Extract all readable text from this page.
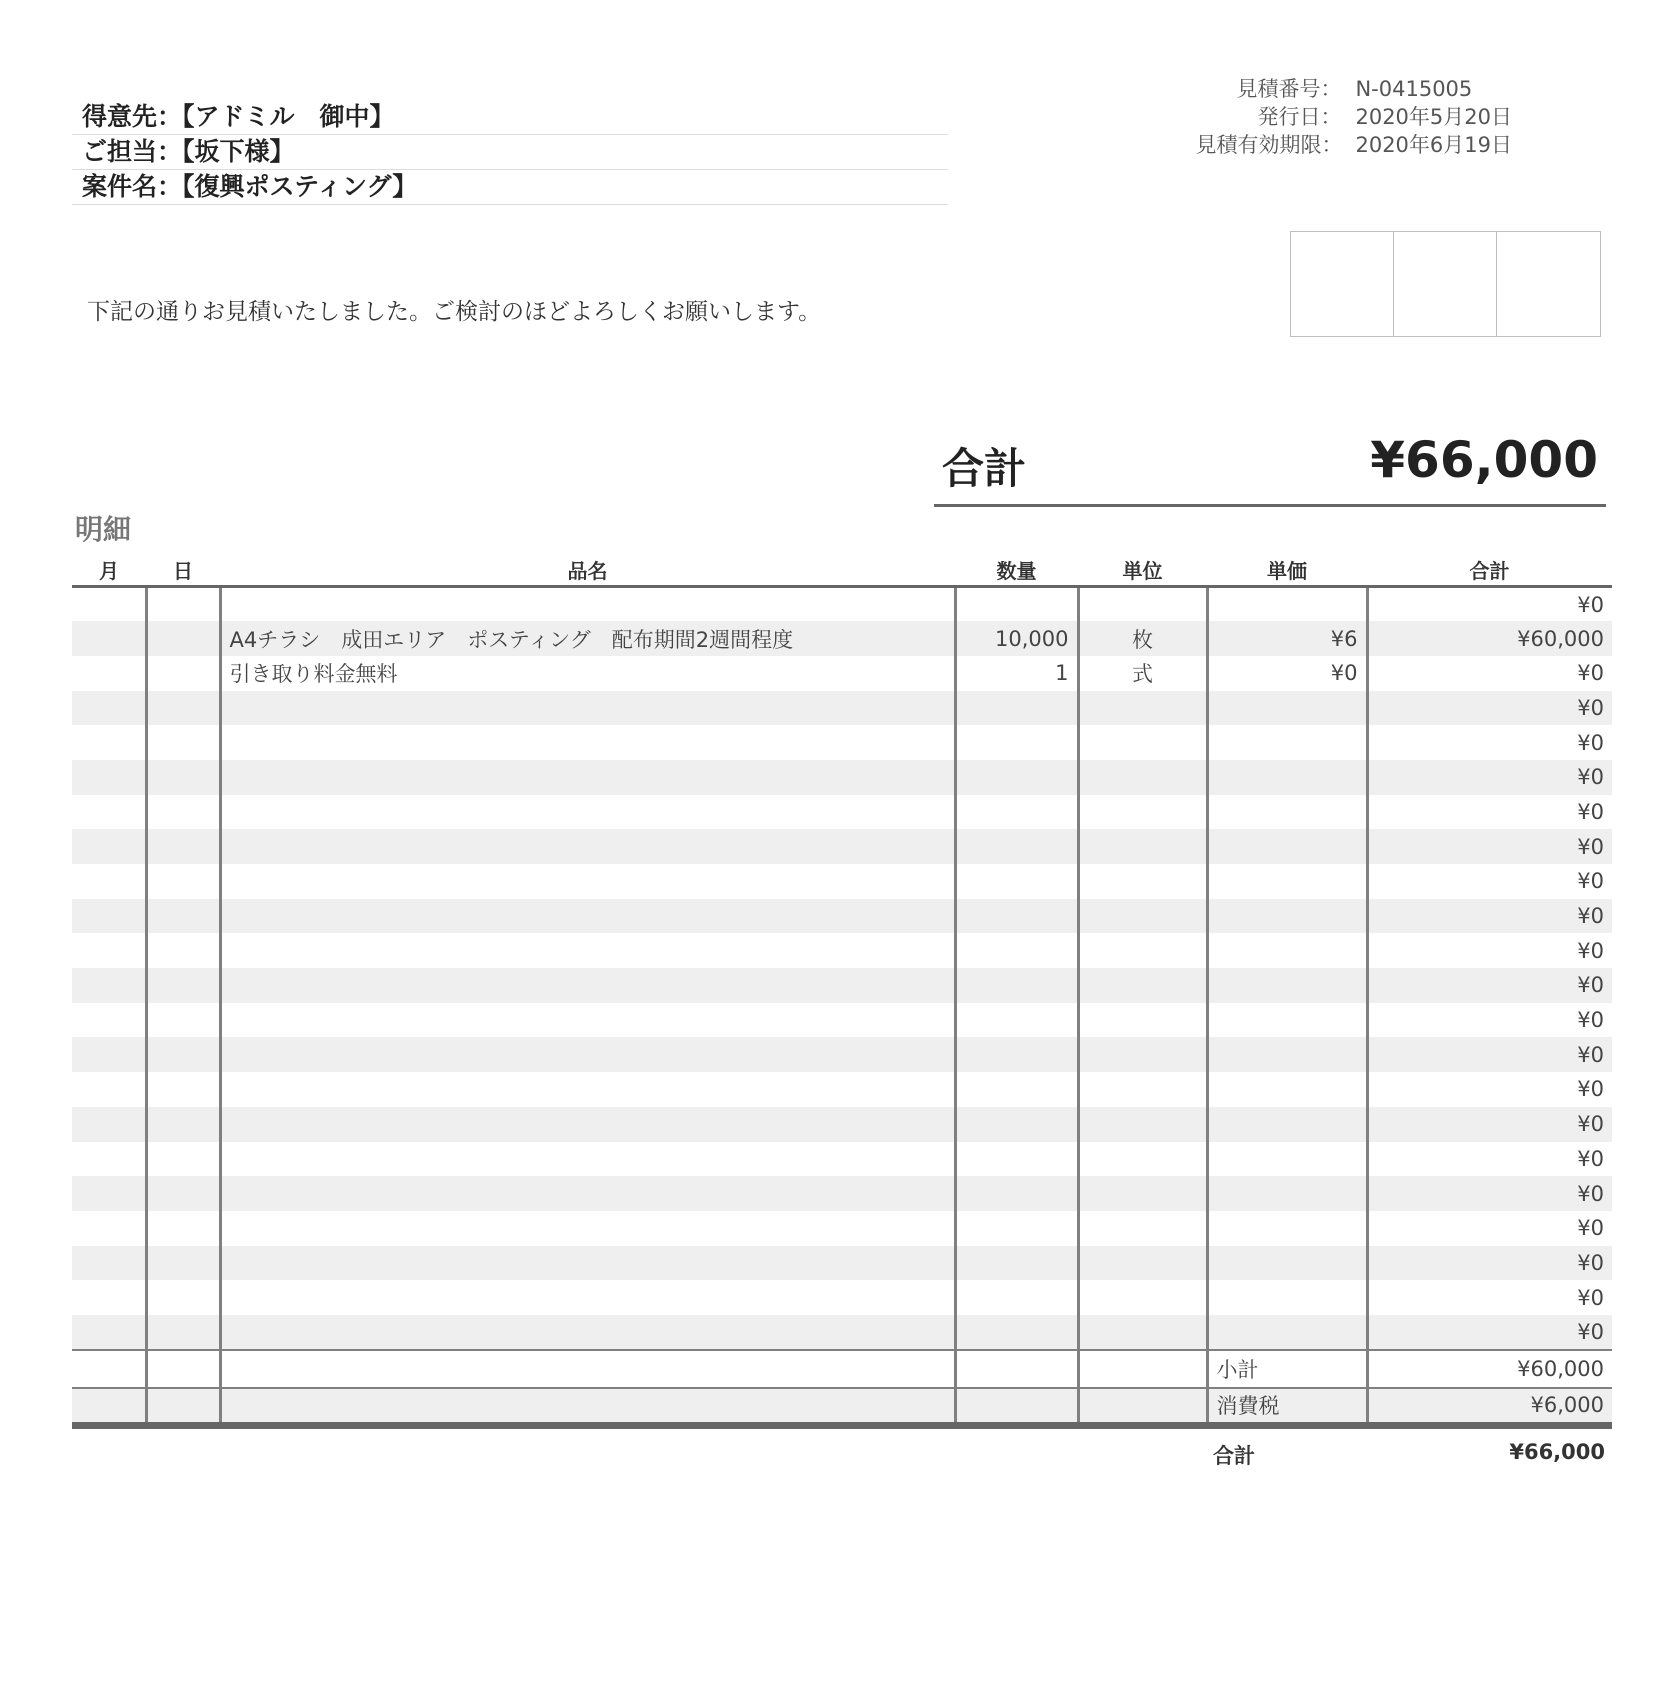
得意先：【アドミル　御中】
ご担当：【坂下様】
案件名：【復興ポスティング】
見積番号： N-0415005
発行日： 2020年5月20日
見積有効期限： 2020年6月19日
下記の通りお見積いたしました。ご検討のほどよろしくお願いします。
合計	¥66,000
明細
月	日	品名	数量	単位	単価	合計
						¥0
		A4チラシ　成田エリア　ポスティング　配布期間2週間程度	10,000	枚	¥6	¥60,000
		引き取り料金無料	1	式	¥0	¥0
						¥0
						¥0
						¥0
						¥0
						¥0
						¥0
						¥0
						¥0
						¥0
						¥0
						¥0
						¥0
						¥0
						¥0
						¥0
						¥0
						¥0
						¥0
						¥0
					小計	¥60,000
					消費税	¥6,000
合計	¥66,000
